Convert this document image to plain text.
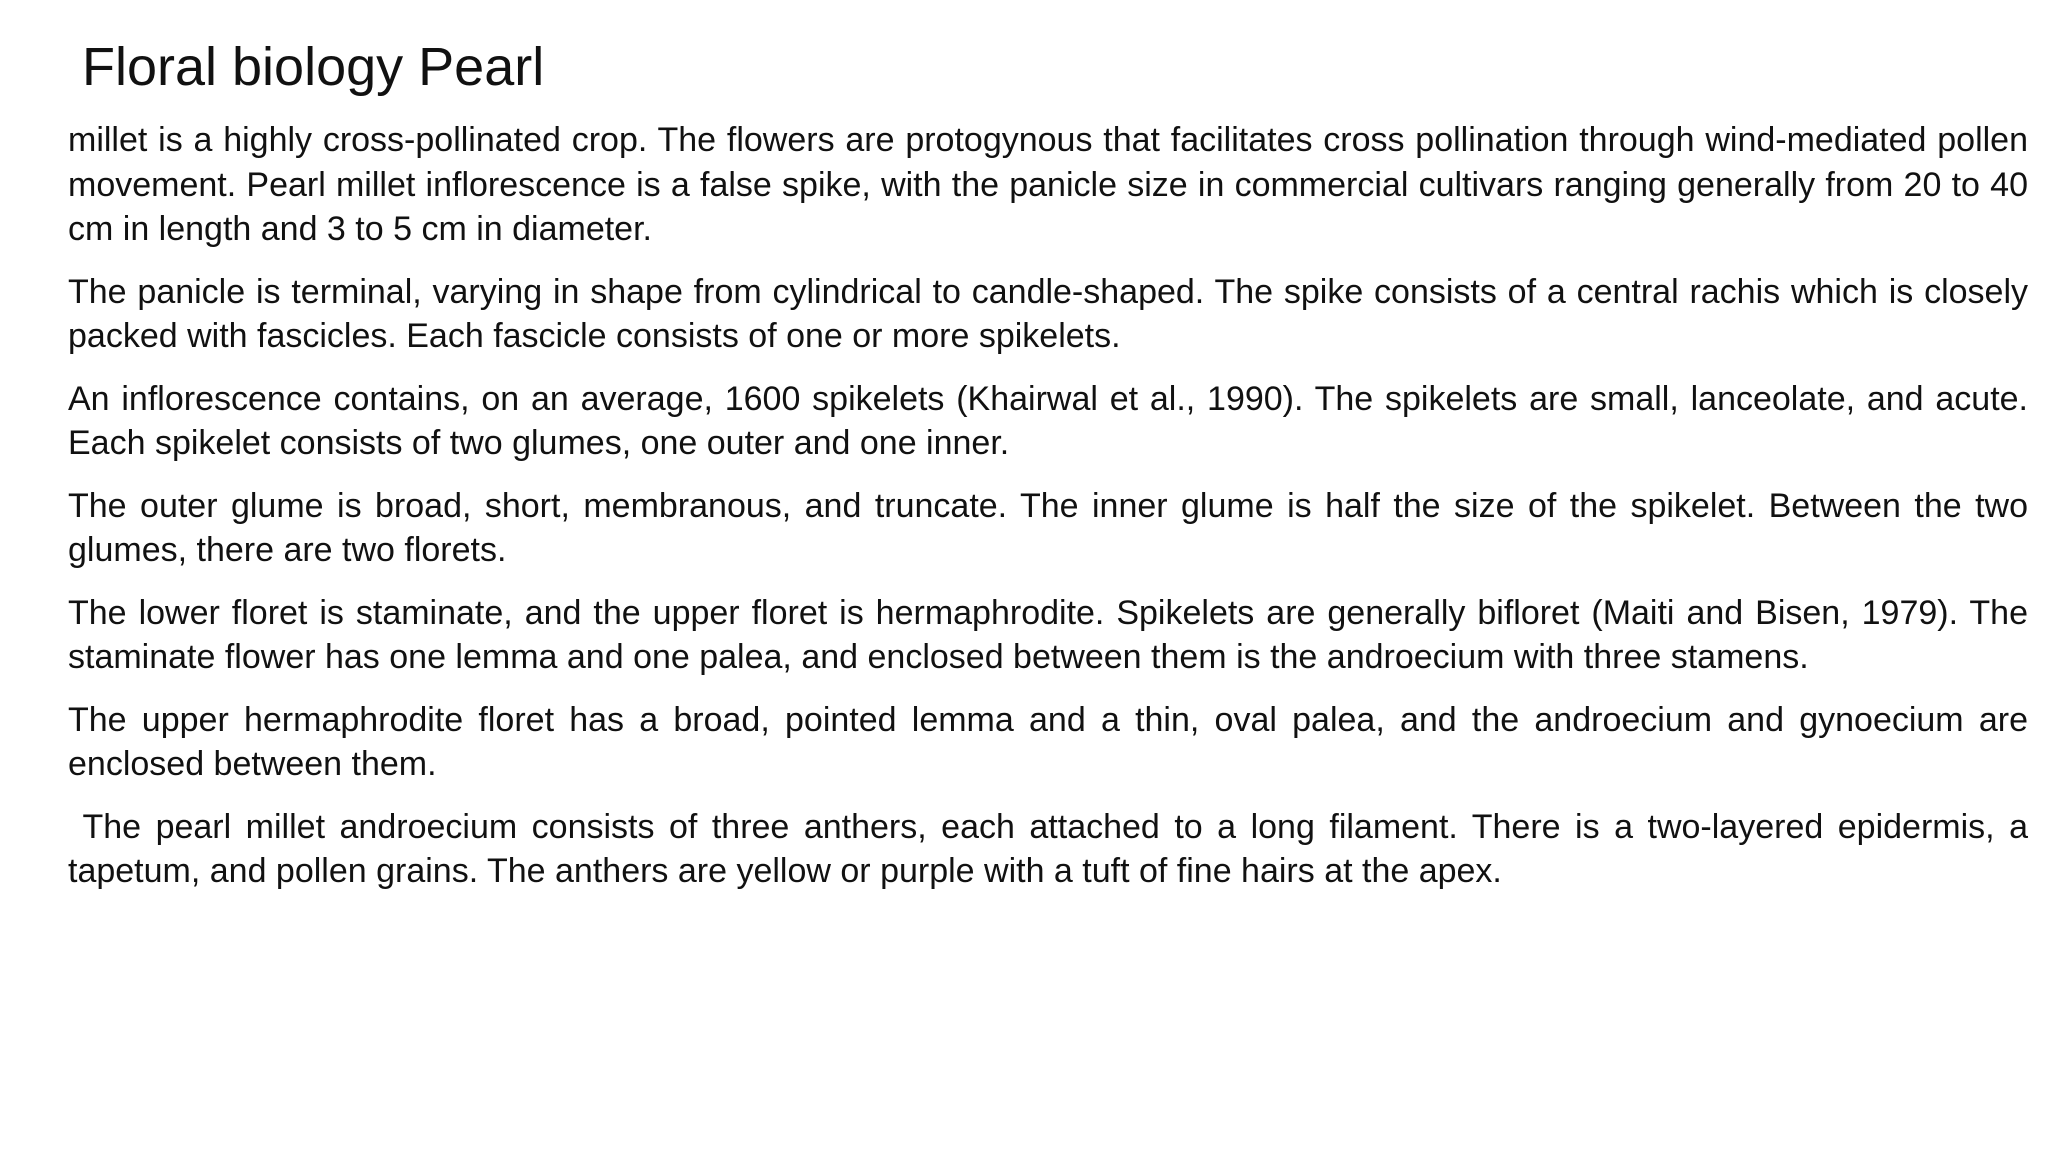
Floral biology Pearl

millet is a highly cross-pollinated crop. The flowers are protogynous that facilitates cross pollination through wind-mediated pollen movement. Pearl millet inflorescence is a false spike, with the panicle size in commercial cultivars ranging generally from 20 to 40 cm in length and 3 to 5 cm in diameter.

The panicle is terminal, varying in shape from cylindrical to candle-shaped. The spike consists of a central rachis which is closely packed with fascicles. Each fascicle consists of one or more spikelets.

An inflorescence contains, on an average, 1600 spikelets (Khairwal et al., 1990). The spikelets are small, lanceolate, and acute. Each spikelet consists of two glumes, one outer and one inner.

The outer glume is broad, short, membranous, and truncate. The inner glume is half the size of the spikelet. Between the two glumes, there are two florets.

The lower floret is staminate, and the upper floret is hermaphrodite. Spikelets are generally bifloret (Maiti and Bisen, 1979). The staminate flower has one lemma and one palea, and enclosed between them is the androecium with three stamens.

The upper hermaphrodite floret has a broad, pointed lemma and a thin, oval palea, and the androecium and gynoecium are enclosed between them.

The pearl millet androecium consists of three anthers, each attached to a long filament. There is a two-layered epidermis, a tapetum, and pollen grains. The anthers are yellow or purple with a tuft of fine hairs at the apex.
